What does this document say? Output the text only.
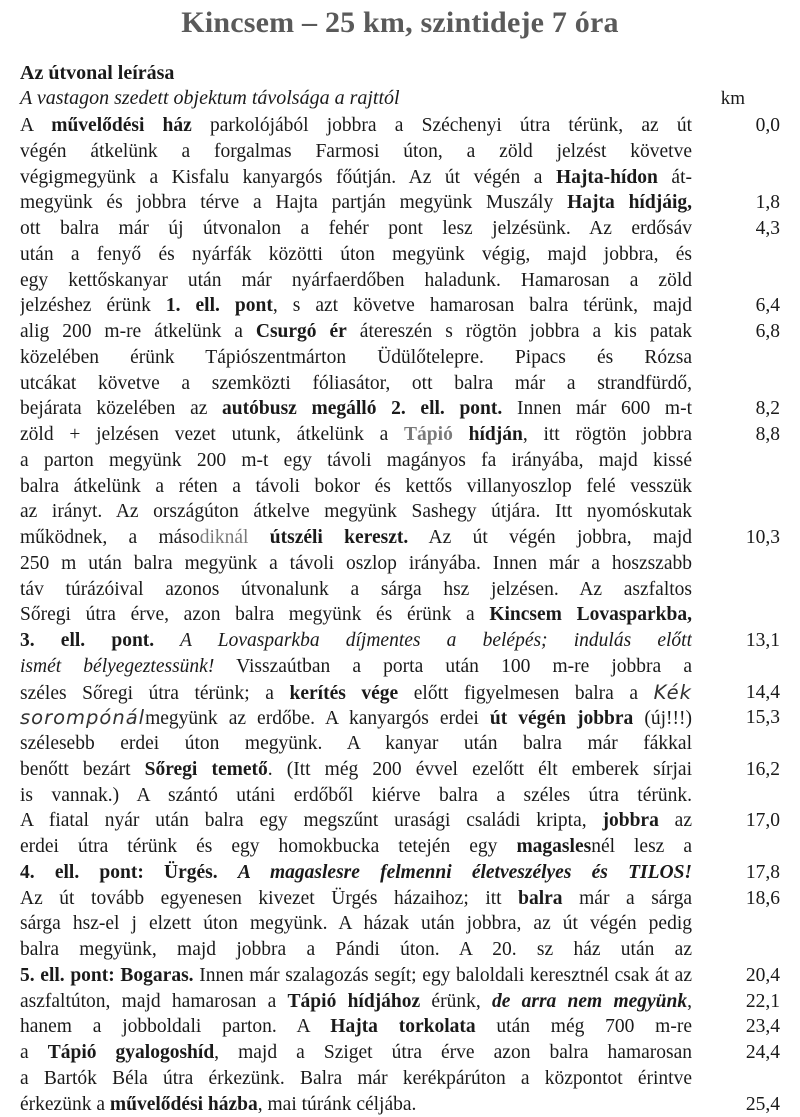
Kincsem – 25 km, szintideje 7 óra
Az útvonal leírása
A vastagon szedett objektum távolsága a rajttól	km
A művelődési ház parkolójából jobbra a Széchenyi útra térünk, az út	0,0
végén átkelünk a forgalmas Farmosi úton, a zöld jelzést követve
végigmegyünk a Kisfalu kanyargós főútján. Az út végén a Hajta-hídon át-
megyünk és jobbra térve a Hajta partján megyünk Muszály Hajta hídjáig,	1,8
ott balra már új útvonalon a fehér pont lesz jelzésünk. Az erdősáv	4,3
után a fenyő és nyárfák közötti úton megyünk végig, majd jobbra, és
egy kettőskanyar után már nyárfaerdőben haladunk. Hamarosan a zöld
jelzéshez érünk 1. ell. pont, s azt követve hamarosan balra térünk, majd	6,4
alig 200 m-re átkelünk a Csurgó ér átereszén s rögtön jobbra a kis patak	6,8
közelében érünk Tápiószentmárton Üdülőtelepre. Pipacs és Rózsa
utcákat követve a szemközti fóliasátor, ott balra már a strandfürdő,
bejárata közelében az autóbusz megálló 2. ell. pont. Innen már 600 m-t	8,2
zöld + jelzésen vezet utunk, átkelünk a Tápió hídján, itt rögtön jobbra	8,8
a parton megyünk 200 m-t egy távoli magányos fa irányába, majd kissé
balra átkelünk a réten a távoli bokor és kettős villanyoszlop felé vesszük
az irányt. Az országúton átkelve megyünk Sashegy útjára. Itt nyomóskutak
működnek, a másodiknál útszéli kereszt. Az út végén jobbra, majd	10,3
250 m után balra megyünk a távoli oszlop irányába. Innen már a hoszszabb
táv túrázóival azonos útvonalunk a sárga hsz jelzésen. Az aszfaltos
Sőregi útra érve, azon balra megyünk és érünk a Kincsem Lovasparkba,
3. ell. pont. A Lovasparkba díjmentes a belépés; indulás előtt	13,1
ismét bélyegeztessünk! Visszaútban a porta után 100 m-re jobbra a
széles Sőregi útra térünk; a kerítés vége előtt figyelmesen balra a Kék	14,4
sorompónálmegyünk az erdőbe. A kanyargós erdei út végén jobbra (új!!!)	15,3
szélesebb erdei úton megyünk. A kanyar után balra már fákkal
benőtt bezárt Sőregi temető. (Itt még 200 évvel ezelőtt élt emberek sírjai	16,2
is vannak.) A szántó utáni erdőből kiérve balra a széles útra térünk.
A fiatal nyár után balra egy megszűnt urasági családi kripta, jobbra az	17,0
erdei útra térünk és egy homokbucka tetején egy magaslesnél lesz a
4. ell. pont: Ürgés. A magaslesre felmenni életveszélyes és TILOS!	17,8
Az út tovább egyenesen kivezet Ürgés házaihoz; itt balra már a sárga	18,6
sárga hsz-el j elzett úton megyünk. A házak után jobbra, az út végén pedig
balra megyünk, majd jobbra a Pándi úton. A 20. sz ház után az
5. ell. pont: Bogaras. Innen már szalagozás segít; egy baloldali keresztnél csak át az	20,4
aszfaltúton, majd hamarosan a Tápió hídjához érünk, de arra nem megyünk,	22,1
hanem a jobboldali parton. A Hajta torkolata után még 700 m-re	23,4
a Tápió gyalogoshíd, majd a Sziget útra érve azon balra hamarosan	24,4
a Bartók Béla útra érkezünk. Balra már kerékpárúton a központot érintve
érkezünk a művelődési házba, mai túránk céljába.	25,4
